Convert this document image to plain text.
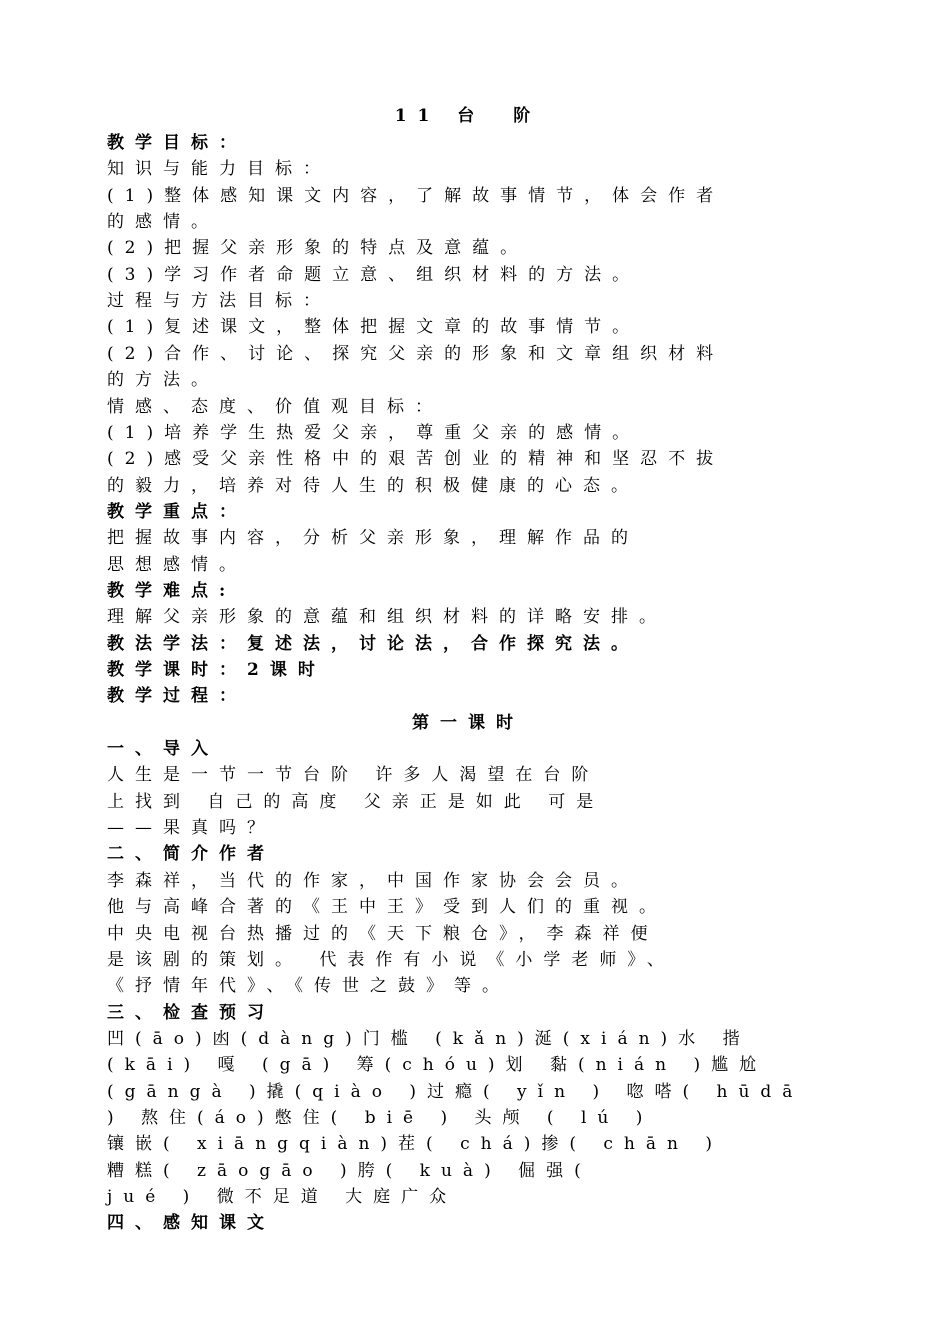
11 台　阶
教学目标：
知识与能力目标：
(1)整体感知课文内容，了解故事情节，体会作者
的感情。
(2)把握父亲形象的特点及意蕴。
(3)学习作者命题立意、组织材料的方法。
过程与方法目标：
(1)复述课文，整体把握文章的故事情节。
(2)合作、讨论、探究父亲的形象和文章组织材料
的方法。
情感、态度、价值观目标：
(1)培养学生热爱父亲，尊重父亲的感情。
(2)感受父亲性格中的艰苦创业的精神和坚忍不拔
的毅力，培养对待人生的积极健康的心态。
教学重点：
把握故事内容，分析父亲形象，理解作品的
思想感情。
教学难点:
理解父亲形象的意蕴和组织材料的详略安排。
教法学法：复述法，讨论法，合作探究法。
教学课时：2课时
教学过程：
第一课时
一、导入
人生是一节一节台阶 许多人渴望在台阶
上找到 自己的高度 父亲正是如此 可是
——果真吗？
二、简介作者
李森祥，当代的作家，中国作家协会会员。
他与高峰合著的《王中王》受到人们的重视。
中央电视台热播过的《天下粮仓》，李森祥便
是该剧的策划。 代表作有小说《小学老师》、
《抒情年代》、《传世之鼓》等。
三、检查预习
凹(āo)凼(dàng)门槛 (kǎn)涎(xián)水 揩
(kāi) 嘎 (gā) 筹(chóu)划 黏(nián )尴尬
(gāngà )撬(qiào )过瘾( yǐn ) 唿嗒( hūdā
) 熬住(áo)憋住( biē ) 头颅 ( lú )
镶嵌( xiāngqiàn)茬( chá)掺( chān )
糟糕( zāogāo )胯( kuà) 倔强(
jué ) 微不足道 大庭广众
四、感知课文
